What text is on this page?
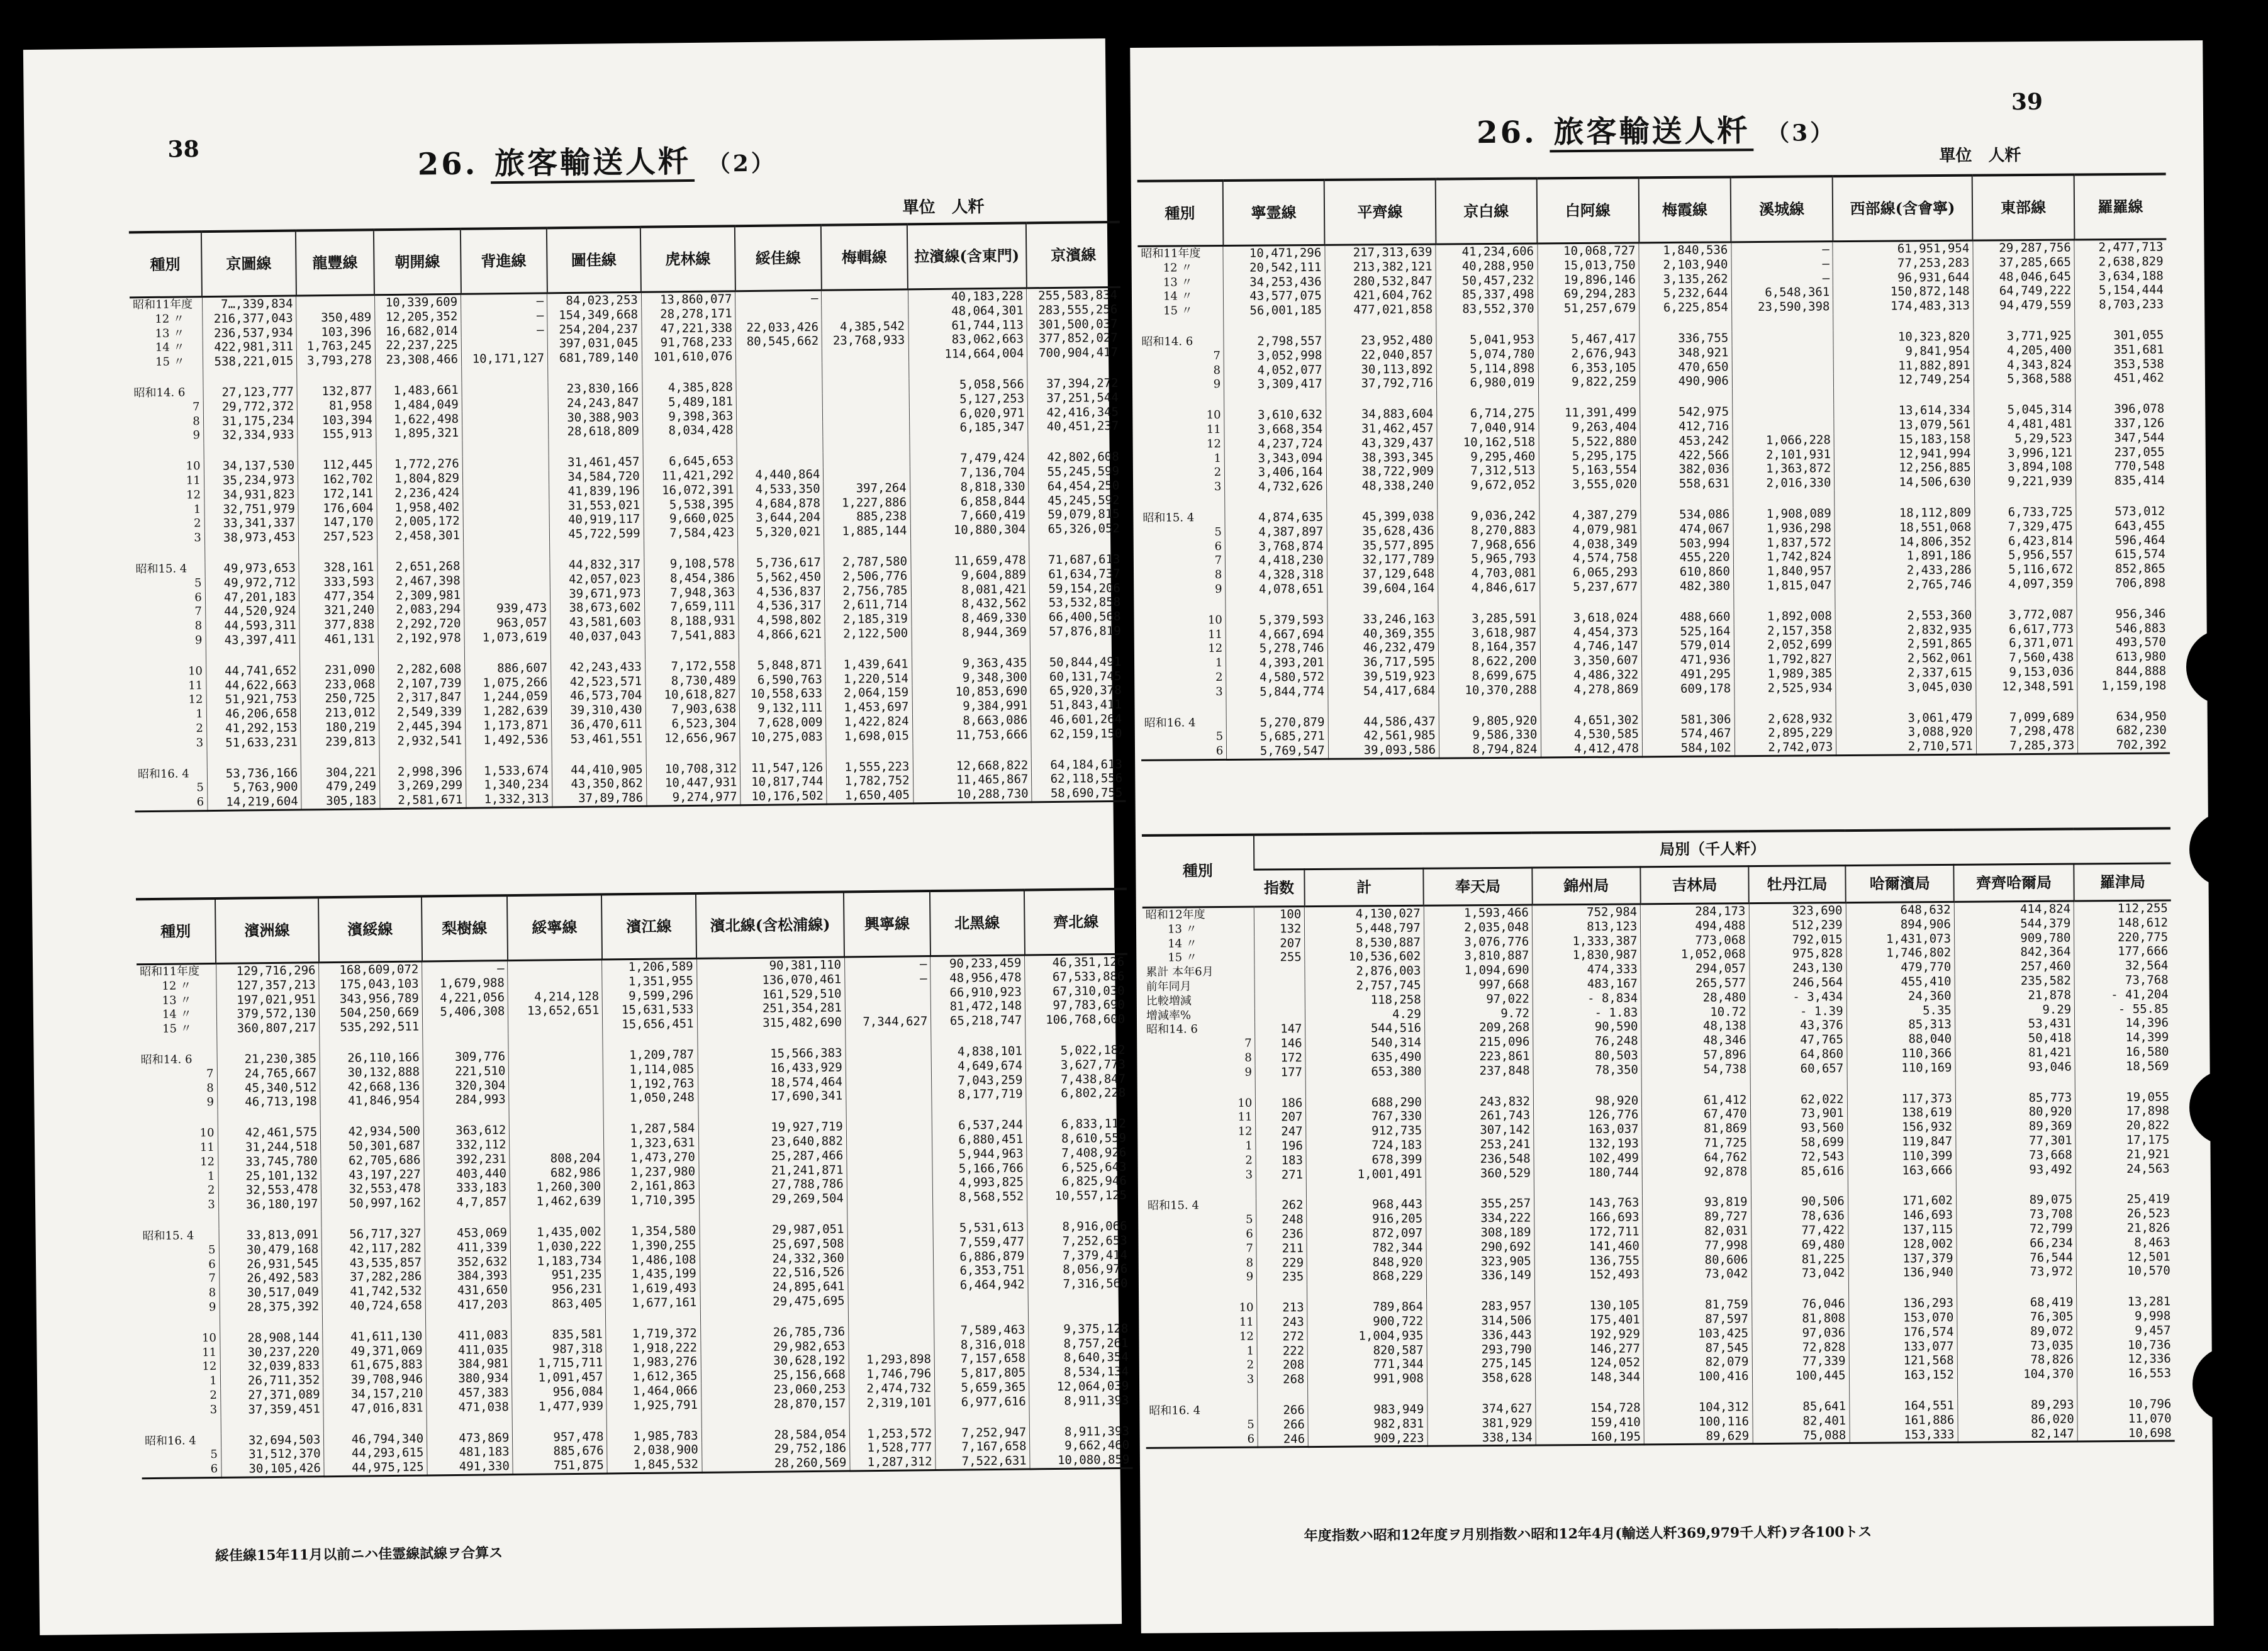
38	26. 旅客輸送人粁 （2）
單位　人粁
種別	京圖線	龍豐線	朝開線	背進線	圖佳線	虎林線	綏佳線	梅輯線	拉濱線(含東門)	京濱線
昭和11年度	7…,339,834		10,339,609	—	84,023,253	13,860,077	—		40,183,228	255,583,834
12 〃	216,377,043	350,489	12,205,352	—	154,349,668	28,278,171			48,064,301	283,555,256
13 〃	236,537,934	103,396	16,682,014	—	254,204,237	47,221,338	22,033,426	4,385,542	61,744,113	301,500,037
14 〃	422,981,311	1,763,245	22,237,225		397,031,045	91,768,233	80,545,662	23,768,933	83,062,663	377,852,027
15 〃	538,221,015	3,793,278	23,308,466	10,171,127	681,789,140	101,610,076			114,664,004	700,904,417

昭和14. 6	27,123,777	132,877	1,483,661		23,830,166	4,385,828			5,058,566	37,394,272
7	29,772,372	81,958	1,484,049		24,243,847	5,489,181			5,127,253	37,251,544
8	31,175,234	103,394	1,622,498		30,388,903	9,398,363			6,020,971	42,416,345
9	32,334,933	155,913	1,895,321		28,618,809	8,034,428			6,185,347	40,451,237

10	34,137,530	112,445	1,772,276		31,461,457	6,645,653			7,479,424	42,802,608
11	35,234,973	162,702	1,804,829		34,584,720	11,421,292	4,440,864		7,136,704	55,245,599
12	34,931,823	172,141	2,236,424		41,839,196	16,072,391	4,533,350	397,264	8,818,330	64,454,250
1	32,751,979	176,604	1,958,402		31,553,021	5,538,395	4,684,878	1,227,886	6,858,844	45,245,592
2	33,341,337	147,170	2,005,172		40,919,117	9,660,025	3,644,204	885,238	7,660,419	59,079,815
3	38,973,453	257,523	2,458,301		45,722,599	7,584,423	5,320,021	1,885,144	10,880,304	65,326,052

昭和15. 4	49,973,653	328,161	2,651,268		44,832,317	9,108,578	5,736,617	2,787,580	11,659,478	71,687,613
5	49,972,712	333,593	2,467,398		42,057,023	8,454,386	5,562,450	2,506,776	9,604,889	61,634,737
6	47,201,183	477,354	2,309,981		39,671,973	7,948,363	4,536,837	2,756,785	8,081,421	59,154,206
7	44,520,924	321,240	2,083,294	939,473	38,673,602	7,659,111	4,536,317	2,611,714	8,432,562	53,532,858
8	44,593,311	377,838	2,292,720	963,057	43,581,603	8,188,931	4,598,802	2,185,319	8,469,330	66,400,568
9	43,397,411	461,131	2,192,978	1,073,619	40,037,043	7,541,883	4,866,621	2,122,500	8,944,369	57,876,819

10	44,741,652	231,090	2,282,608	886,607	42,243,433	7,172,558	5,848,871	1,439,641	9,363,435	50,844,491
11	44,622,663	233,068	2,107,739	1,075,266	42,523,571	8,730,489	6,590,763	1,220,514	9,348,300	60,131,745
12	51,921,753	250,725	2,317,847	1,244,059	46,573,704	10,618,827	10,558,633	2,064,159	10,853,690	65,920,378
1	46,206,658	213,012	2,549,339	1,282,639	39,310,430	7,903,638	9,132,111	1,453,697	9,384,991	51,843,411
2	41,292,153	180,219	2,445,394	1,173,871	36,470,611	6,523,304	7,628,009	1,422,824	8,663,086	46,601,264
3	51,633,231	239,813	2,932,541	1,492,536	53,461,551	12,656,967	10,275,083	1,698,015	11,753,666	62,159,150

昭和16. 4	53,736,166	304,221	2,998,396	1,533,674	44,410,905	10,708,312	11,547,126	1,555,223	12,668,822	64,184,613
5	5,763,900	479,249	3,269,299	1,340,234	43,350,862	10,447,931	10,817,744	1,782,752	11,465,867	62,118,556
6	14,219,604	305,183	2,581,671	1,332,313	37,89,786	9,274,977	10,176,502	1,650,405	10,288,730	58,690,755
種別	濱洲線	濱綏線	梨樹線	綏寧線	濱江線	濱北線(含松浦線)	興寧線	北黑線	齊北線
昭和11年度	129,716,296	168,609,072	—		1,206,589	90,381,110	—	90,233,459	46,351,126
12 〃	127,357,213	175,043,103	1,679,988		1,351,955	136,070,461	—	48,956,478	67,533,886
13 〃	197,021,951	343,956,789	4,221,056	4,214,128	9,599,296	161,529,510		66,910,923	67,310,030
14 〃	379,572,130	504,250,669	5,406,308	13,652,651	15,631,533	251,354,281		81,472,148	97,783,690
15 〃	360,807,217	535,292,511			15,656,451	315,482,690	7,344,627	65,218,747	106,768,600

昭和14. 6	21,230,385	26,110,166	309,776		1,209,787	15,566,383		4,838,101	5,022,182
7	24,765,667	30,132,888	221,510		1,114,085	16,433,929		4,649,674	3,627,773
8	45,340,512	42,668,136	320,304		1,192,763	18,574,464		7,043,259	7,438,847
9	46,713,198	41,846,954	284,993		1,050,248	17,690,341		8,177,719	6,802,228

10	42,461,575	42,934,500	363,612		1,287,584	19,927,719		6,537,244	6,833,112
11	31,244,518	50,301,687	332,112		1,323,631	23,640,882		6,880,451	8,610,559
12	33,745,780	62,705,686	392,231	808,204	1,473,270	25,287,466		5,944,963	7,408,926
1	25,101,132	43,197,227	403,440	682,986	1,237,980	21,241,871		5,166,766	6,525,643
2	32,553,478	32,553,478	333,183	1,260,300	2,161,863	27,788,786		4,993,825	6,825,946
3	36,180,197	50,997,162	4,7,857	1,462,639	1,710,395	29,269,504		8,568,552	10,557,125

昭和15. 4	33,813,091	56,717,327	453,069	1,435,002	1,354,580	29,987,051		5,531,613	8,916,066
5	30,479,168	42,117,282	411,339	1,030,222	1,390,255	25,697,508		7,559,477	7,252,653
6	26,931,545	43,535,857	352,632	1,183,734	1,486,108	24,332,360		6,886,879	7,379,414
7	26,492,583	37,282,286	384,393	951,235	1,435,199	22,516,526		6,353,751	8,056,976
8	30,517,049	41,742,532	431,650	956,231	1,619,493	24,895,641		6,464,942	7,316,560
9	28,375,392	40,724,658	417,203	863,405	1,677,161	29,475,695			

10	28,908,144	41,611,130	411,083	835,581	1,719,372	26,785,736		7,589,463	9,375,128
11	30,237,220	49,371,069	411,035	987,318	1,918,222	29,982,653		8,316,018	8,757,261
12	32,039,833	61,675,883	384,981	1,715,711	1,983,276	30,628,192	1,293,898	7,157,658	8,640,354
1	26,711,352	39,708,946	380,934	1,091,457	1,612,365	25,156,668	1,746,796	5,817,805	8,534,134
2	27,371,089	34,157,210	457,383	956,084	1,464,066	23,060,253	2,474,732	5,659,365	12,064,039
3	37,359,451	47,016,831	471,038	1,477,939	1,925,791	28,870,157	2,319,101	6,977,616	8,911,393

昭和16. 4	32,694,503	46,794,340	473,869	957,478	1,985,783	28,584,054	1,253,572	7,252,947	8,911,393
5	31,512,370	44,293,615	481,183	885,676	2,038,900	29,752,186	1,528,777	7,167,658	9,662,460
6	30,105,426	44,975,125	491,330	751,875	1,845,532	28,260,569	1,287,312	7,522,631	10,080,859
綏佳線15年11月以前ニハ佳霊線試線ヲ合算ス
39
26. 旅客輸送人粁 （3）
單位　人粁
種別	寧霊線	平齊線	京白線	白阿線	梅霞線	溪城線	西部線(含會寧)	東部線	羅羅線
昭和11年度	10,471,296	217,313,639	41,234,606	10,068,727	1,840,536	—	61,951,954	29,287,756	2,477,713
12 〃	20,542,111	213,382,121	40,288,950	15,013,750	2,103,940	—	77,253,283	37,285,665	2,638,829
13 〃	34,253,436	280,532,847	50,457,232	19,896,146	3,135,262	—	96,931,644	48,046,645	3,634,188
14 〃	43,577,075	421,604,762	85,337,498	69,294,283	5,232,644	6,548,361	150,872,148	64,749,222	5,154,444
15 〃	56,001,185	477,021,858	83,552,370	51,257,679	6,225,854	23,590,398	174,483,313	94,479,559	8,703,233

昭和14. 6	2,798,557	23,952,480	5,041,953	5,467,417	336,755		10,323,820	3,771,925	301,055
7	3,052,998	22,040,857	5,074,780	2,676,943	348,921		9,841,954	4,205,400	351,681
8	4,052,077	30,113,892	5,114,898	6,353,105	470,650		11,882,891	4,343,824	353,538
9	3,309,417	37,792,716	6,980,019	9,822,259	490,906		12,749,254	5,368,588	451,462

10	3,610,632	34,883,604	6,714,275	11,391,499	542,975		13,614,334	5,045,314	396,078
11	3,668,354	31,462,457	7,040,914	9,263,404	412,716		13,079,561	4,481,481	337,126
12	4,237,724	43,329,437	10,162,518	5,522,880	453,242	1,066,228	15,183,158	5,29,523	347,544
1	3,343,094	38,393,345	9,295,460	5,295,175	422,566	2,101,931	12,941,994	3,996,121	237,055
2	3,406,164	38,722,909	7,312,513	5,163,554	382,036	1,363,872	12,256,885	3,894,108	770,548
3	4,732,626	48,338,240	9,672,052	3,555,020	558,631	2,016,330	14,506,630	9,221,939	835,414

昭和15. 4	4,874,635	45,399,038	9,036,242	4,387,279	534,086	1,908,089	18,112,809	6,733,725	573,012
5	4,387,897	35,628,436	8,270,883	4,079,981	474,067	1,936,298	18,551,068	7,329,475	643,455
6	3,768,874	35,577,895	7,968,656	4,038,349	503,994	1,837,572	14,806,352	6,423,814	596,464
7	4,418,230	32,177,789	5,965,793	4,574,758	455,220	1,742,824	1,891,186	5,956,557	615,574
8	4,328,318	37,129,648	4,703,081	6,065,293	610,860	1,840,957	2,433,286	5,116,672	852,865
9	4,078,651	39,604,164	4,846,617	5,237,677	482,380	1,815,047	2,765,746	4,097,359	706,898

10	5,379,593	33,246,163	3,285,591	3,618,024	488,660	1,892,008	2,553,360	3,772,087	956,346
11	4,667,694	40,369,355	3,618,987	4,454,373	525,164	2,157,358	2,832,935	6,617,773	546,883
12	5,278,746	46,232,479	8,164,357	4,746,147	579,014	2,052,699	2,591,865	6,371,071	493,570
1	4,393,201	36,717,595	8,622,200	3,350,607	471,936	1,792,827	2,562,061	7,560,438	613,980
2	4,580,572	39,519,923	8,699,675	4,486,322	491,295	1,989,385	2,337,615	9,153,036	844,888
3	5,844,774	54,417,684	10,370,288	4,278,869	609,178	2,525,934	3,045,030	12,348,591	1,159,198

昭和16. 4	5,270,879	44,586,437	9,805,920	4,651,302	581,306	2,628,932	3,061,479	7,099,689	634,950
5	5,685,271	42,561,985	9,586,330	4,530,585	574,467	2,895,229	3,088,920	7,298,478	682,230
6	5,769,547	39,093,586	8,794,824	4,412,478	584,102	2,742,073	2,710,571	7,285,373	702,392
種別	局別（千人粁）								
	指数	計	奉天局	錦州局	吉林局	牡丹江局	哈爾濱局	齊齊哈爾局	羅津局
昭和12年度	100	4,130,027	1,593,466	752,984	284,173	323,690	648,632	414,824	112,255
13 〃	132	5,448,797	2,035,048	813,123	494,488	512,239	894,906	544,379	148,612
14 〃	207	8,530,887	3,076,776	1,333,387	773,068	792,015	1,431,073	909,780	220,775
15 〃	255	10,536,602	3,810,887	1,830,987	1,052,068	975,828	1,746,802	842,364	177,666
累計 本年6月		2,876,003	1,094,690	474,333	294,057	243,130	479,770	257,460	32,564
前年同月		2,757,745	997,668	483,167	265,577	246,564	455,410	235,582	73,768
比較増減		118,258	97,022	- 8,834	28,480	- 3,434	24,360	21,878	- 41,204
增減率%		4.29	9.72	- 1.83	10.72	- 1.39	5.35	9.29	- 55.85
昭和14. 6	147	544,516	209,268	90,590	48,138	43,376	85,313	53,431	14,396
7	146	540,314	215,096	76,248	48,346	47,765	88,040	50,418	14,399
8	172	635,490	223,861	80,503	57,896	64,860	110,366	81,421	16,580
9	177	653,380	237,848	78,350	54,738	60,657	110,169	93,046	18,569

10	186	688,290	243,832	98,920	61,412	62,022	117,373	85,773	19,055
11	207	767,330	261,743	126,776	67,470	73,901	138,619	80,920	17,898
12	247	912,735	307,142	163,037	81,869	93,560	156,932	89,369	20,822
1	196	724,183	253,241	132,193	71,725	58,699	119,847	77,301	17,175
2	183	678,399	236,548	102,499	64,762	72,543	110,399	73,668	21,921
3	271	1,001,491	360,529	180,744	92,878	85,616	163,666	93,492	24,563

昭和15. 4	262	968,443	355,257	143,763	93,819	90,506	171,602	89,075	25,419
5	248	916,205	334,222	166,693	89,727	78,636	146,693	73,708	26,523
6	236	872,097	308,189	172,711	82,031	77,422	137,115	72,799	21,826
7	211	782,344	290,692	141,460	77,998	69,480	128,002	66,234	8,463
8	229	848,920	323,905	136,755	80,606	81,225	137,379	76,544	12,501
9	235	868,229	336,149	152,493	73,042	73,042	136,940	73,972	10,570

10	213	789,864	283,957	130,105	81,759	76,046	136,293	68,419	13,281
11	243	900,722	314,506	175,401	87,597	81,808	153,070	76,305	9,998
12	272	1,004,935	336,443	192,929	103,425	97,036	176,574	89,072	9,457
1	222	820,587	293,790	146,277	87,545	72,828	133,077	73,035	10,736
2	208	771,344	275,145	124,052	82,079	77,339	121,568	78,826	12,336
3	268	991,908	358,628	148,344	100,416	100,445	163,152	104,370	16,553

昭和16. 4	266	983,949	374,627	154,728	104,312	85,641	164,551	89,293	10,796
5	266	982,831	381,929	159,410	100,116	82,401	161,886	86,020	11,070
6	246	909,223	338,134	160,195	89,629	75,088	153,333	82,147	10,698
年度指数ハ昭和12年度ヲ月別指数ハ昭和12年4月(輸送人粁369,979千人粁)ヲ各100トス
